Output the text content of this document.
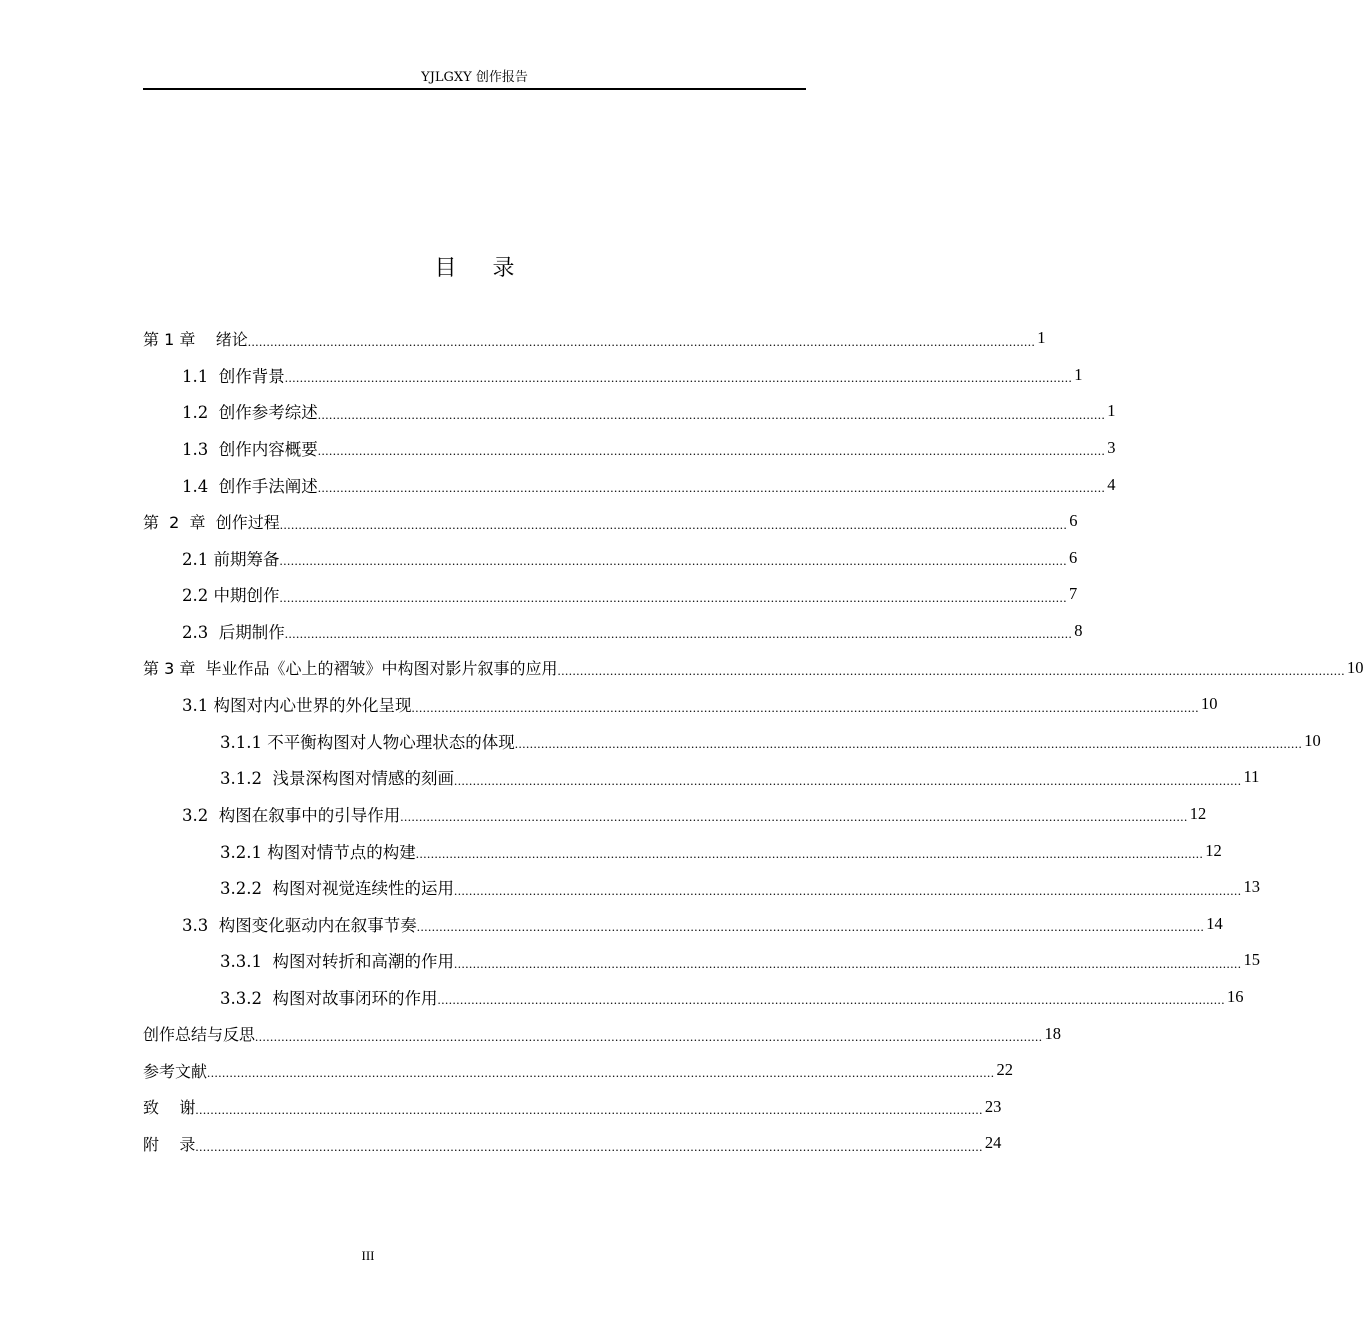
YJLGXY 创作报告
目录
第 1 章    绪论 .................................................................................................................................................................................................................. 1
1.1  创作背景 .................................................................................................................................................................................................................. 1
1.2  创作参考综述 .................................................................................................................................................................................................................. 1
1.3  创作内容概要 .................................................................................................................................................................................................................. 3
1.4  创作手法阐述 .................................................................................................................................................................................................................. 4
第  2  章  创作过程 .................................................................................................................................................................................................................. 6
2.1 前期筹备 .................................................................................................................................................................................................................. 6
2.2 中期创作 .................................................................................................................................................................................................................. 7
2.3  后期制作 .................................................................................................................................................................................................................. 8
第 3 章  毕业作品《心上的褶皱》中构图对影片叙事的应用 .................................................................................................................................................................................................................. 10
3.1 构图对内心世界的外化呈现 .................................................................................................................................................................................................................. 10
3.1.1 不平衡构图对人物心理状态的体现 .................................................................................................................................................................................................................. 10
3.1.2  浅景深构图对情感的刻画 .................................................................................................................................................................................................................. 11
3.2  构图在叙事中的引导作用 .................................................................................................................................................................................................................. 12
3.2.1 构图对情节点的构建 .................................................................................................................................................................................................................. 12
3.2.2  构图对视觉连续性的运用 .................................................................................................................................................................................................................. 13
3.3  构图变化驱动内在叙事节奏 .................................................................................................................................................................................................................. 14
3.3.1  构图对转折和高潮的作用 .................................................................................................................................................................................................................. 15
3.3.2  构图对故事闭环的作用 .................................................................................................................................................................................................................. 16
创作总结与反思 .................................................................................................................................................................................................................. 18
参考文献 .................................................................................................................................................................................................................. 22
致    谢 .................................................................................................................................................................................................................. 23
附    录 .................................................................................................................................................................................................................. 24
III
